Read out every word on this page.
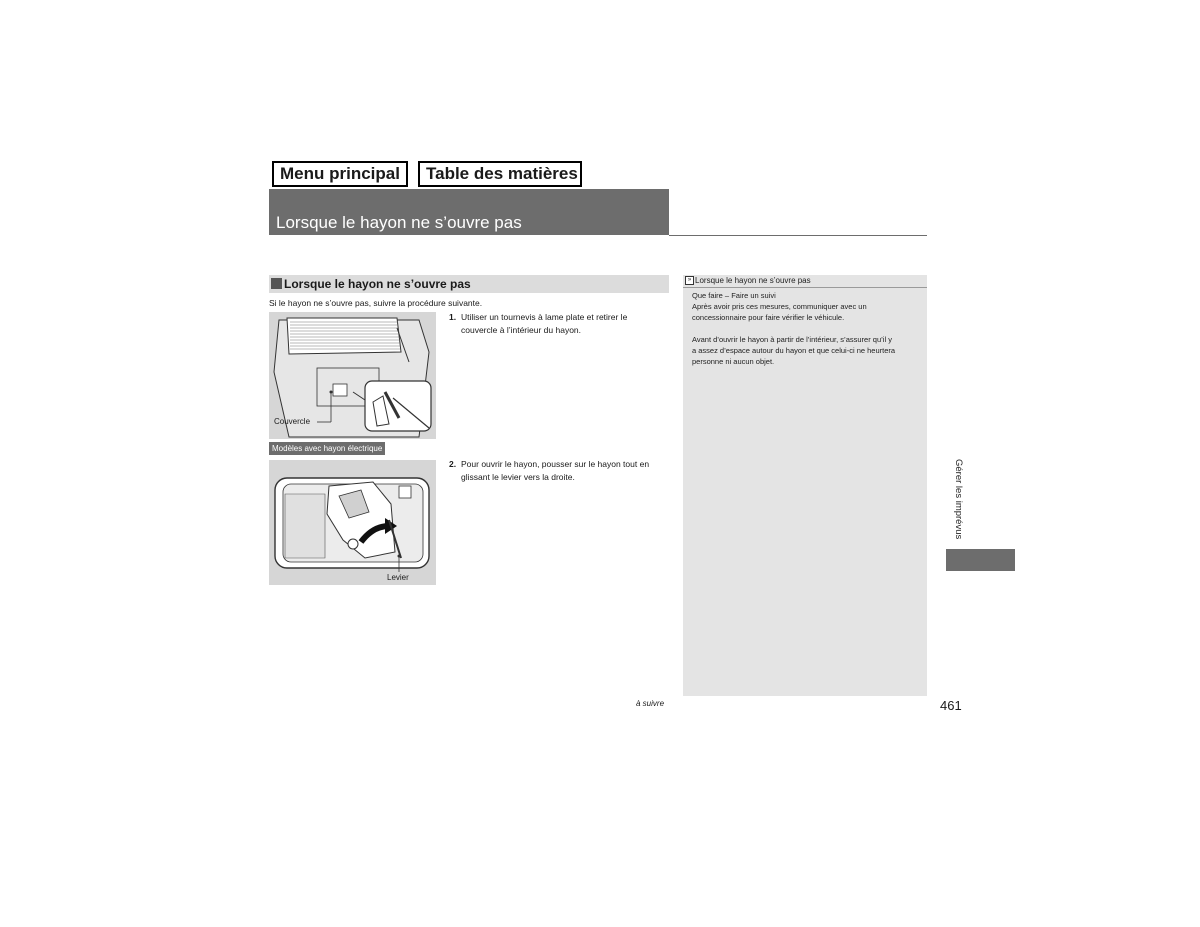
Menu principal	Table des matières
Lorsque le hayon ne s’ouvre pas
Lorsque le hayon ne s’ouvre pas
Si le hayon ne s’ouvre pas, suivre la procédure suivante.
Couvercle
1. Utiliser un tournevis à lame plate et retirer le
couvercle à l’intérieur du hayon.
Modèles avec hayon électrique
Levier
2. Pour ouvrir le hayon, pousser sur le hayon tout en
glissant le levier vers la droite.
» Lorsque le hayon ne s’ouvre pas
Que faire – Faire un suivi
Après avoir pris ces mesures, communiquer avec un
concessionnaire pour faire vérifier le véhicule.
Avant d’ouvrir le hayon à partir de l’intérieur, s’assurer qu’il y
a assez d’espace autour du hayon et que celui-ci ne heurtera
personne ni aucun objet.
Gérer les imprévus
à suivre	461
